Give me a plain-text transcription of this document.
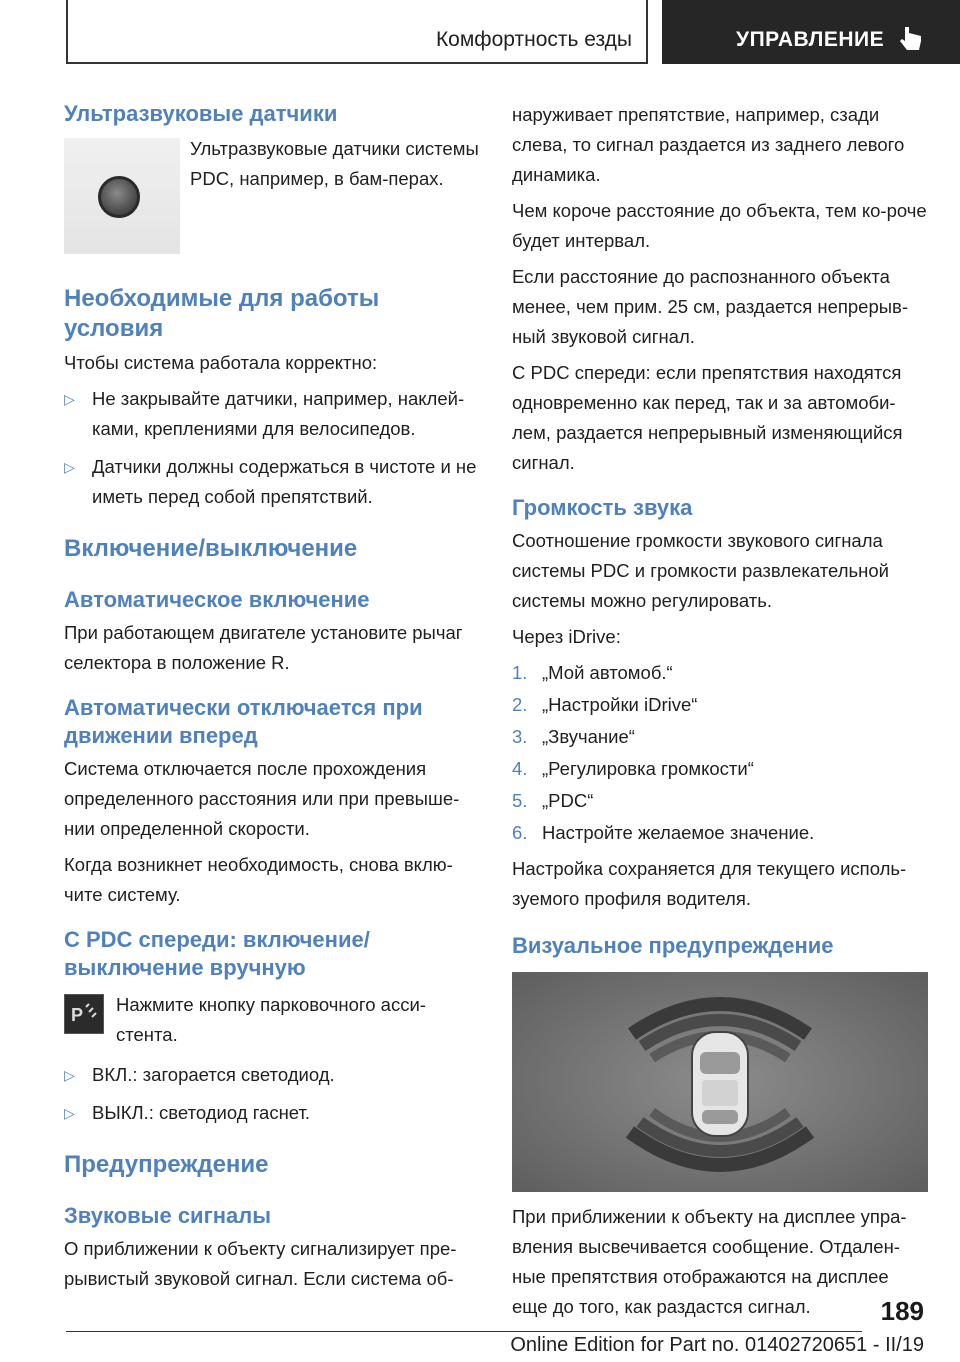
Комфортность езды	УПРАВЛЕНИЕ
Ультразвуковые датчики

Ультразвуковые датчики системы PDC, например, в бам-перах.

Необходимые для работы условия

Чтобы система работала корректно:

▷ Не закрывайте датчики, например, наклей-ками, креплениями для велосипедов.

▷ Датчики должны содержаться в чистоте и не иметь перед собой препятствий.

Включение/выключение
Автоматическое включение

При работающем двигателе установите рычаг селектора в положение R.

Автоматически отключается при движении вперед

Система отключается после прохождения определенного расстояния или при превыше-нии определенной скорости.

Когда возникнет необходимость, снова вклю-чите систему.

С PDC спереди: включение/ выключение вручную
P Нажмите кнопку парковочного асси-стента.

▷ ВКЛ.: загорается светодиод.

▷ ВЫКЛ.: светодиод гаснет.

Предупреждение
Звуковые сигналы

О приближении к объекту сигнализирует пре-рывистый звуковой сигнал. Если система об-

наруживает препятствие, например, сзади слева, то сигнал раздается из заднего левого динамика.

Чем короче расстояние до объекта, тем ко-роче будет интервал.

Если расстояние до распознанного объекта менее, чем прим. 25 см, раздается непрерыв-ный звуковой сигнал.

С PDC спереди: если препятствия находятся одновременно как перед, так и за автомоби-лем, раздается непрерывный изменяющийся сигнал.

Громкость звука

Соотношение громкости звукового сигнала системы PDC и громкости развлекательной системы можно регулировать.

Через iDrive:

1. „Мой автомоб.“

2. „Настройки iDrive“

3. „Звучание“

4. „Регулировка громкости“

5. „PDC“

6. Настройте желаемое значение.

Настройка сохраняется для текущего исполь-зуемого профиля водителя.

Визуальное предупреждение

При приближении к объекту на дисплее упра-вления высвечивается сообщение. Отдален-ные препятствия отображаются на дисплее еще до того, как раздастся сигнал.	189
Online Edition for Part no. 01402720651 - II/19
